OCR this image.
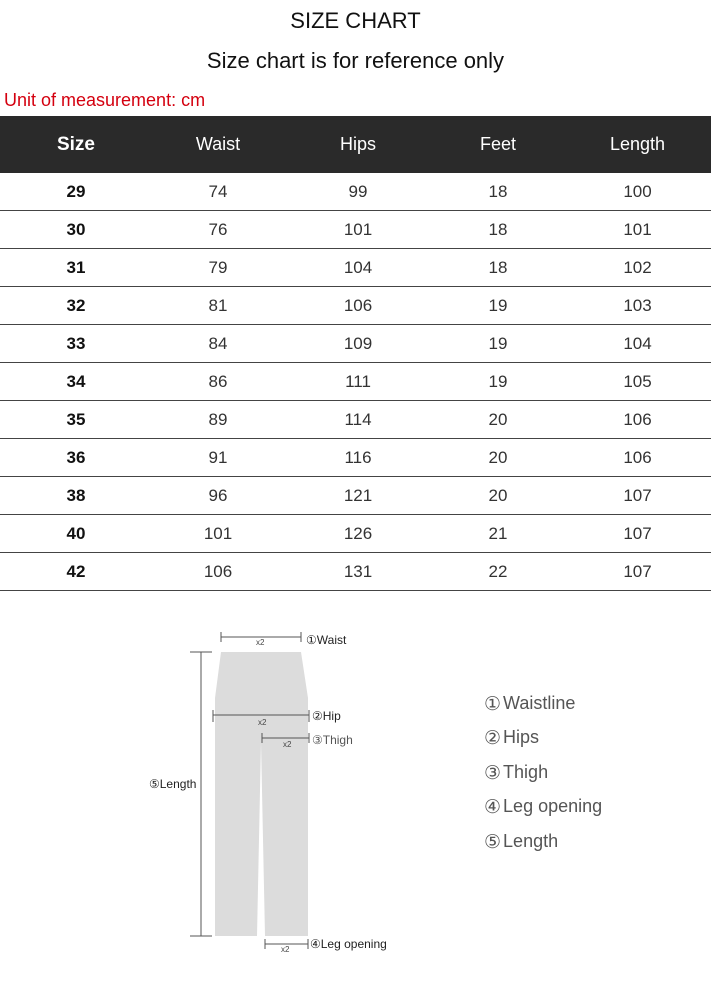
SIZE CHART
Size chart is for reference only
Unit of measurement: cm
Size	Waist	Hips	Feet	Length
29	74	99	18	100
30	76	101	18	101
31	79	104	18	102
32	81	106	19	103
33	84	109	19	104
34	86	111	19	105
35	89	114	20	106
36	91	116	20	106
38	96	121	20	107
40	101	126	21	107
42	106	131	22	107
x2	①Waist
x2	②Hip
x2 ③Thigh
⑤Length
x2 ④Leg opening
① Waistline
② Hips
③ Thigh
④ Leg opening
⑤ Length
